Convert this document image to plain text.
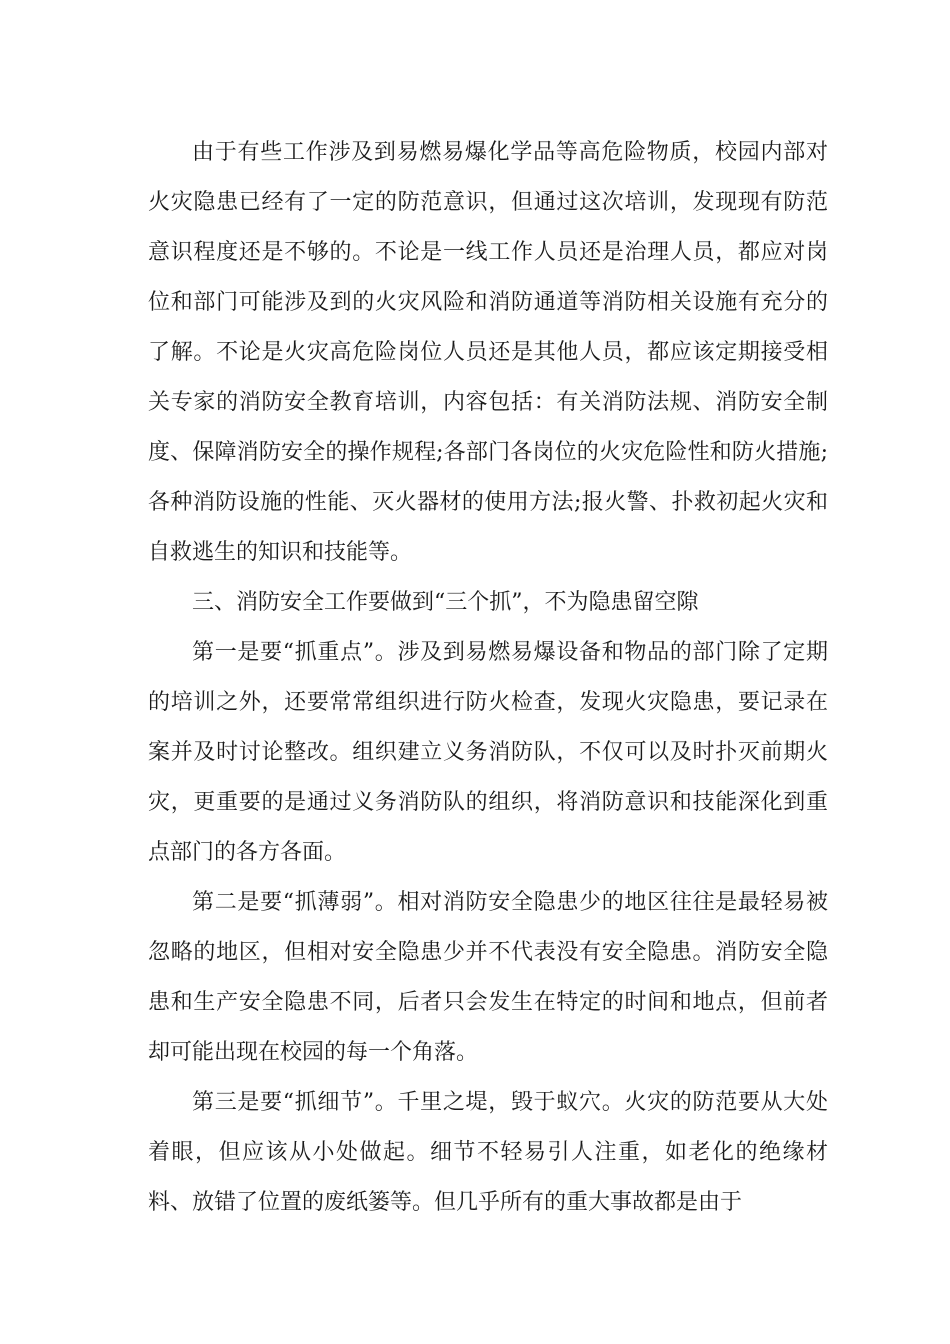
由于有些工作涉及到易燃易爆化学品等高危险物质，校园内部对火灾隐患已经有了一定的防范意识，但通过这次培训，发现现有防范意识程度还是不够的。不论是一线工作人员还是治理人员，都应对岗位和部门可能涉及到的火灾风险和消防通道等消防相关设施有充分的了解。不论是火灾高危险岗位人员还是其他人员，都应该定期接受相关专家的消防安全教育培训，内容包括：有关消防法规、消防安全制度、保障消防安全的操作规程;各部门各岗位的火灾危险性和防火措施;各种消防设施的性能、灭火器材的使用方法;报火警、扑救初起火灾和自救逃生的知识和技能等。

三、消防安全工作要做到“三个抓”，不为隐患留空隙

第一是要“抓重点”。涉及到易燃易爆设备和物品的部门除了定期的培训之外，还要常常组织进行防火检查，发现火灾隐患，要记录在案并及时讨论整改。组织建立义务消防队，不仅可以及时扑灭前期火灾，更重要的是通过义务消防队的组织，将消防意识和技能深化到重点部门的各方各面。

第二是要“抓薄弱”。相对消防安全隐患少的地区往往是最轻易被忽略的地区，但相对安全隐患少并不代表没有安全隐患。消防安全隐患和生产安全隐患不同，后者只会发生在特定的时间和地点，但前者却可能出现在校园的每一个角落。

第三是要“抓细节”。千里之堤，毁于蚁穴。火灾的防范要从大处着眼，但应该从小处做起。细节不轻易引人注重，如老化的绝缘材料、放错了位置的废纸篓等。但几乎所有的重大事故都是由于
